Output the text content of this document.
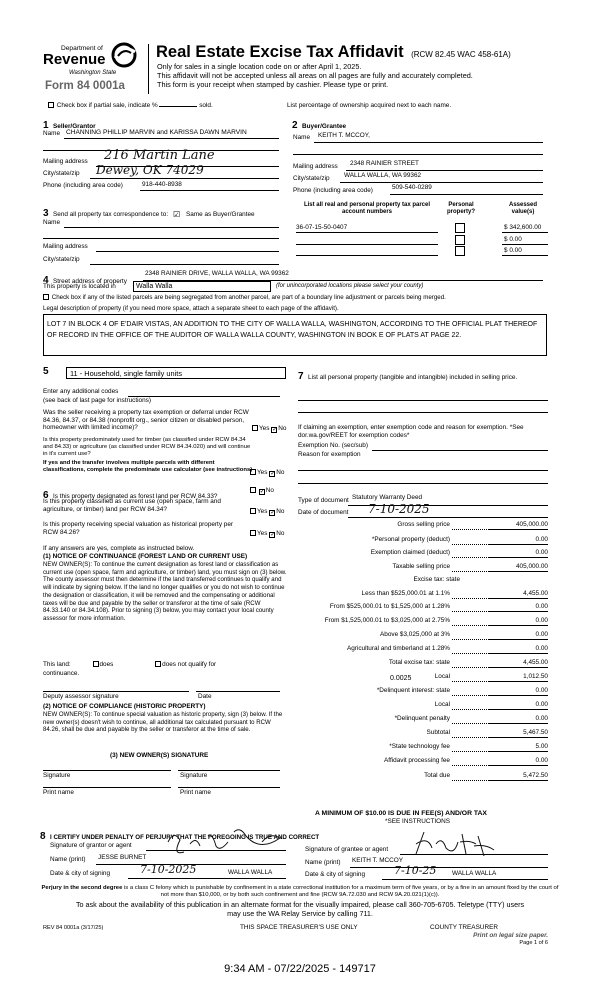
Department of
Revenue
Washington State
Form 84 0001a
Real Estate Excise Tax Affidavit (RCW 82.45 WAC 458-61A)
Only for sales in a single location code on or after April 1, 2025.
This affidavit will not be accepted unless all areas on all pages are fully and accurately completed.
This form is your receipt when stamped by cashier. Please type or print.
Check box if partial sale, indicate %	sold.	List percentage of ownership acquired next to each name.
1 Seller/Grantor
Name CHANNING PHILLIP MARVIN and KARISSA DAWN MARVIN
Mailing address 216 Martin Lane
City/state/zip Dewey, OK 74029
Phone (including area code)	918-440-8938
2 Buyer/Grantee
Name KEITH T. MCCOY,
Mailing address 2348 RAINIER STREET
City/state/zip WALLA WALLA, WA 99362
Phone (including area code)	509-540-0289
3 Send all property tax correspondence to: ☑ Same as Buyer/Grantee
Name
Mailing address
City/state/zip
List all real and personal property tax parcel account numbers
Personal property?
Assessed value(s)
36-07-15-50-0407	$ 342,600.00
$ 0.00
$ 0.00
4 Street address of property
2348 RAINIER DRIVE, WALLA WALLA, WA 99362
This property is located in	Walla Walla	(for unincorporated locations please select your county)
Check box if any of the listed parcels are being segregated from another parcel, are part of a boundary line adjustment or parcels being merged.
Legal description of property (if you need more space, attach a separate sheet to each page of the affidavit).
LOT 7 IN BLOCK 4 OF E'DAIR VISTAS, AN ADDITION TO THE CITY OF WALLA WALLA, WASHINGTON, ACCORDING TO THE OFFICIAL PLAT THEREOF OF RECORD IN THE OFFICE OF THE AUDITOR OF WALLA WALLA COUNTY, WASHINGTON IN BOOK E OF PLATS AT PAGE 22.
5	11 - Household, single family units
Enter any additional codes
(see back of last page for instructions)
Was the seller receiving a property tax exemption or deferral under RCW 84.36, 84.37, or 84.38 (nonprofit org., senior citizen or disabled person, homeowner with limited income)?	Yes ✓No
Is this property predominately used for timber (as classified under RCW 84.34 and 84.33) or agriculture (as classified under RCW 84.34.020) and will continue in it's current use?
If yes and the transfer involves multiple parcels with different classifications, complete the predominate use calculator (see instructions) Yes ✓No
6 Is this property designated as forest land per RCW 84.33?
✓No
Is this property classified as current use (open space, farm and agriculture, or timber) land per RCW 84.34?	Yes ✓No
Is this property receiving special valuation as historical property per RCW 84.26?	Yes ✓No
If any answers are yes, complete as instructed below.
(1) NOTICE OF CONTINUANCE (FOREST LAND OR CURRENT USE)
NEW OWNER(S): To continue the current designation as forest land or classification as current use (open space, farm and agriculture, or timber) land, you must sign on (3) below. The county assessor must then determine if the land transferred continues to qualify and will indicate by signing below. If the land no longer qualifies or you do not wish to continue the designation or classification, it will be removed and the compensating or additional taxes will be due and payable by the seller or transferor at the time of sale (RCW 84.33.140 or 84.34.108). Prior to signing (3) below, you may contact your local county assessor for more information.
This land:	does	does not qualify for
continuance.
Deputy assessor signature	Date
(2) NOTICE OF COMPLIANCE (HISTORIC PROPERTY)
NEW OWNER(S): To continue special valuation as historic property, sign (3) below. If the new owner(s) doesn't wish to continue, all additional tax calculated pursuant to RCW 84.26, shall be due and payable by the seller or transferor at the time of sale.
(3) NEW OWNER(S) SIGNATURE
Signature	Signature
Print name	Print name
7 List all personal property (tangible and intangible) included in selling price.
If claiming an exemption, enter exemption code and reason for exemption. *See dor.wa.gov/REET for exemption codes*
Exemption No. (sec/sub)
Reason for exemption
Type of document Statutory Warranty Deed
Date of document 7-10-2025
Gross selling price	405,000.00
*Personal property (deduct)	0.00
Exemption claimed (deduct)	0.00
Taxable selling price	405,000.00
Excise tax: state
Less than $525,000.01 at 1.1%	4,455.00
From $525,000.01 to $1,525,000 at 1.28%	0.00
From $1,525,000.01 to $3,025,000 at 2.75%	0.00
Above $3,025,000 at 3%	0.00
Agricultural and timberland at 1.28%	0.00
Total excise tax: state	4,455.00
Local	1,012.50
*Delinquent interest: state	0.00
Local	0.00
*Delinquent penalty	0.00
Subtotal	5,467.50
*State technology fee	5.00
Affidavit processing fee	0.00
Total due	5,472.50
0.0025
A MINIMUM OF $10.00 IS DUE IN FEE(S) AND/OR TAX
*SEE INSTRUCTIONS
8 I CERTIFY UNDER PENALTY OF PERJURY THAT THE FOREGOING IS TRUE AND CORRECT
Signature of grantor or agent
Name (print) JESSE BURNET
Date & city of signing	7-10-2025	WALLA WALLA
Signature of grantee or agent
Name (print) KEITH T. MCCOY
Date & city of signing	7-10-25 WALLA WALLA
Perjury in the second degree is a class C felony which is punishable by confinement in a state correctional institution for a maximum term of five years, or by a fine in an amount fixed by the court of not more than $10,000, or by both such confinement and fine (RCW 9A.72.030 and RCW 9A.20.021(1)(c)).
To ask about the availability of this publication in an alternate format for the visually impaired, please call 360-705-6705. Teletype (TTY) users may use the WA Relay Service by calling 711.
REV 84 0001a (3/17/25)	THIS SPACE TREASURER'S USE ONLY	COUNTY TREASURER
Print on legal size paper.
Page 1 of 6
9:34 AM - 07/22/2025 - 149717
